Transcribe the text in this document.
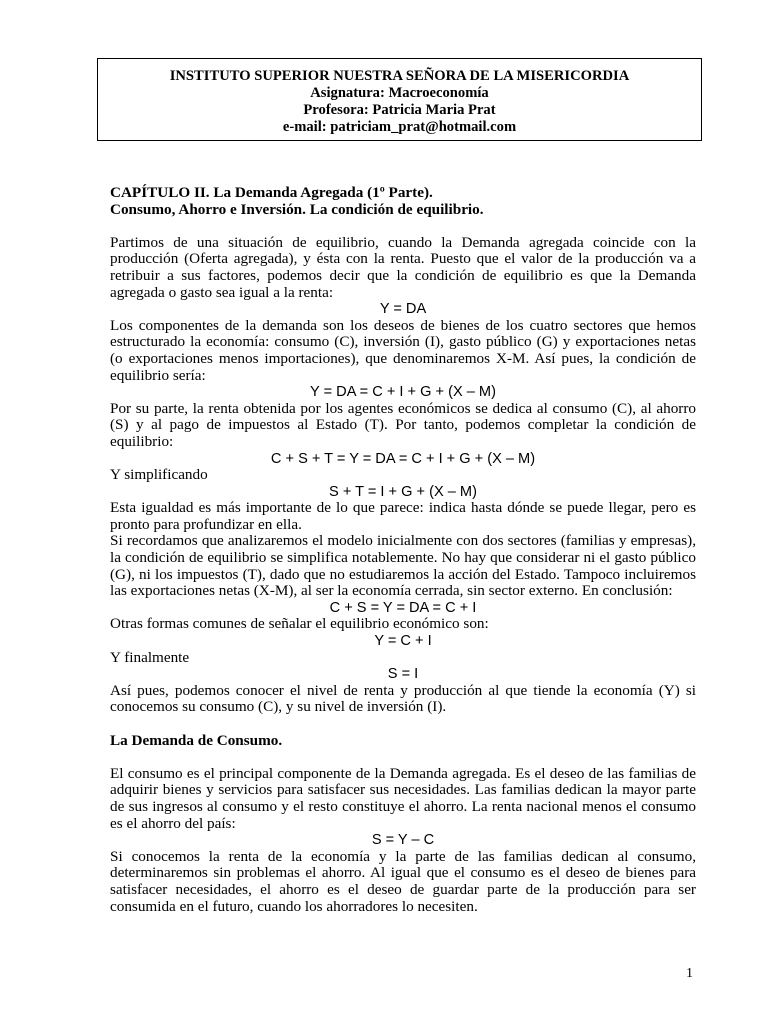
INSTITUTO SUPERIOR NUESTRA SEÑORA DE LA MISERICORDIA
Asignatura: Macroeconomía
Profesora: Patricia Maria Prat
e-mail: patriciam_prat@hotmail.com

CAPÍTULO II. La Demanda Agregada (1º Parte).

Consumo, Ahorro e Inversión. La condición de equilibrio.

Partimos de una situación de equilibrio, cuando la Demanda agregada coincide con la producción (Oferta agregada), y ésta con la renta. Puesto que el valor de la producción va a retribuir a sus factores, podemos decir que la condición de equilibrio es que la Demanda agregada o gasto sea igual a la renta:

Y = DA

Los componentes de la demanda son los deseos de bienes de los cuatro sectores que hemos estructurado la economía: consumo (C), inversión (I), gasto público (G) y exportaciones netas (o exportaciones menos importaciones), que denominaremos X-M. Así pues, la condición de equilibrio sería:

Y = DA = C + I + G + (X – M)

Por su parte, la renta obtenida por los agentes económicos se dedica al consumo (C), al ahorro (S) y al pago de impuestos al Estado (T). Por tanto, podemos completar la condición de equilibrio:

C + S + T = Y = DA = C + I + G + (X – M)

Y simplificando

S + T = I + G + (X – M)

Esta igualdad es más importante de lo que parece: indica hasta dónde se puede llegar, pero es pronto para profundizar en ella.

Si recordamos que analizaremos el modelo inicialmente con dos sectores (familias y empresas), la condición de equilibrio se simplifica notablemente. No hay que considerar ni el gasto público (G), ni los impuestos (T), dado que no estudiaremos la acción del Estado. Tampoco incluiremos las exportaciones netas (X-M), al ser la economía cerrada, sin sector externo. En conclusión:

C + S = Y = DA = C + I

Otras formas comunes de señalar el equilibrio económico son:

Y = C + I

Y finalmente

S = I

Así pues, podemos conocer el nivel de renta y producción al que tiende la economía (Y) si conocemos su consumo (C), y su nivel de inversión (I).

La Demanda de Consumo.

El consumo es el principal componente de la Demanda agregada. Es el deseo de las familias de adquirir bienes y servicios para satisfacer sus necesidades. Las familias dedican la mayor parte de sus ingresos al consumo y el resto constituye el ahorro. La renta nacional menos el consumo es el ahorro del país:

S = Y – C

Si conocemos la renta de la economía y la parte de las familias dedican al consumo, determinaremos sin problemas el ahorro. Al igual que el consumo es el deseo de bienes para satisfacer necesidades, el ahorro es el deseo de guardar parte de la producción para ser consumida en el futuro, cuando los ahorradores lo necesiten.

1
